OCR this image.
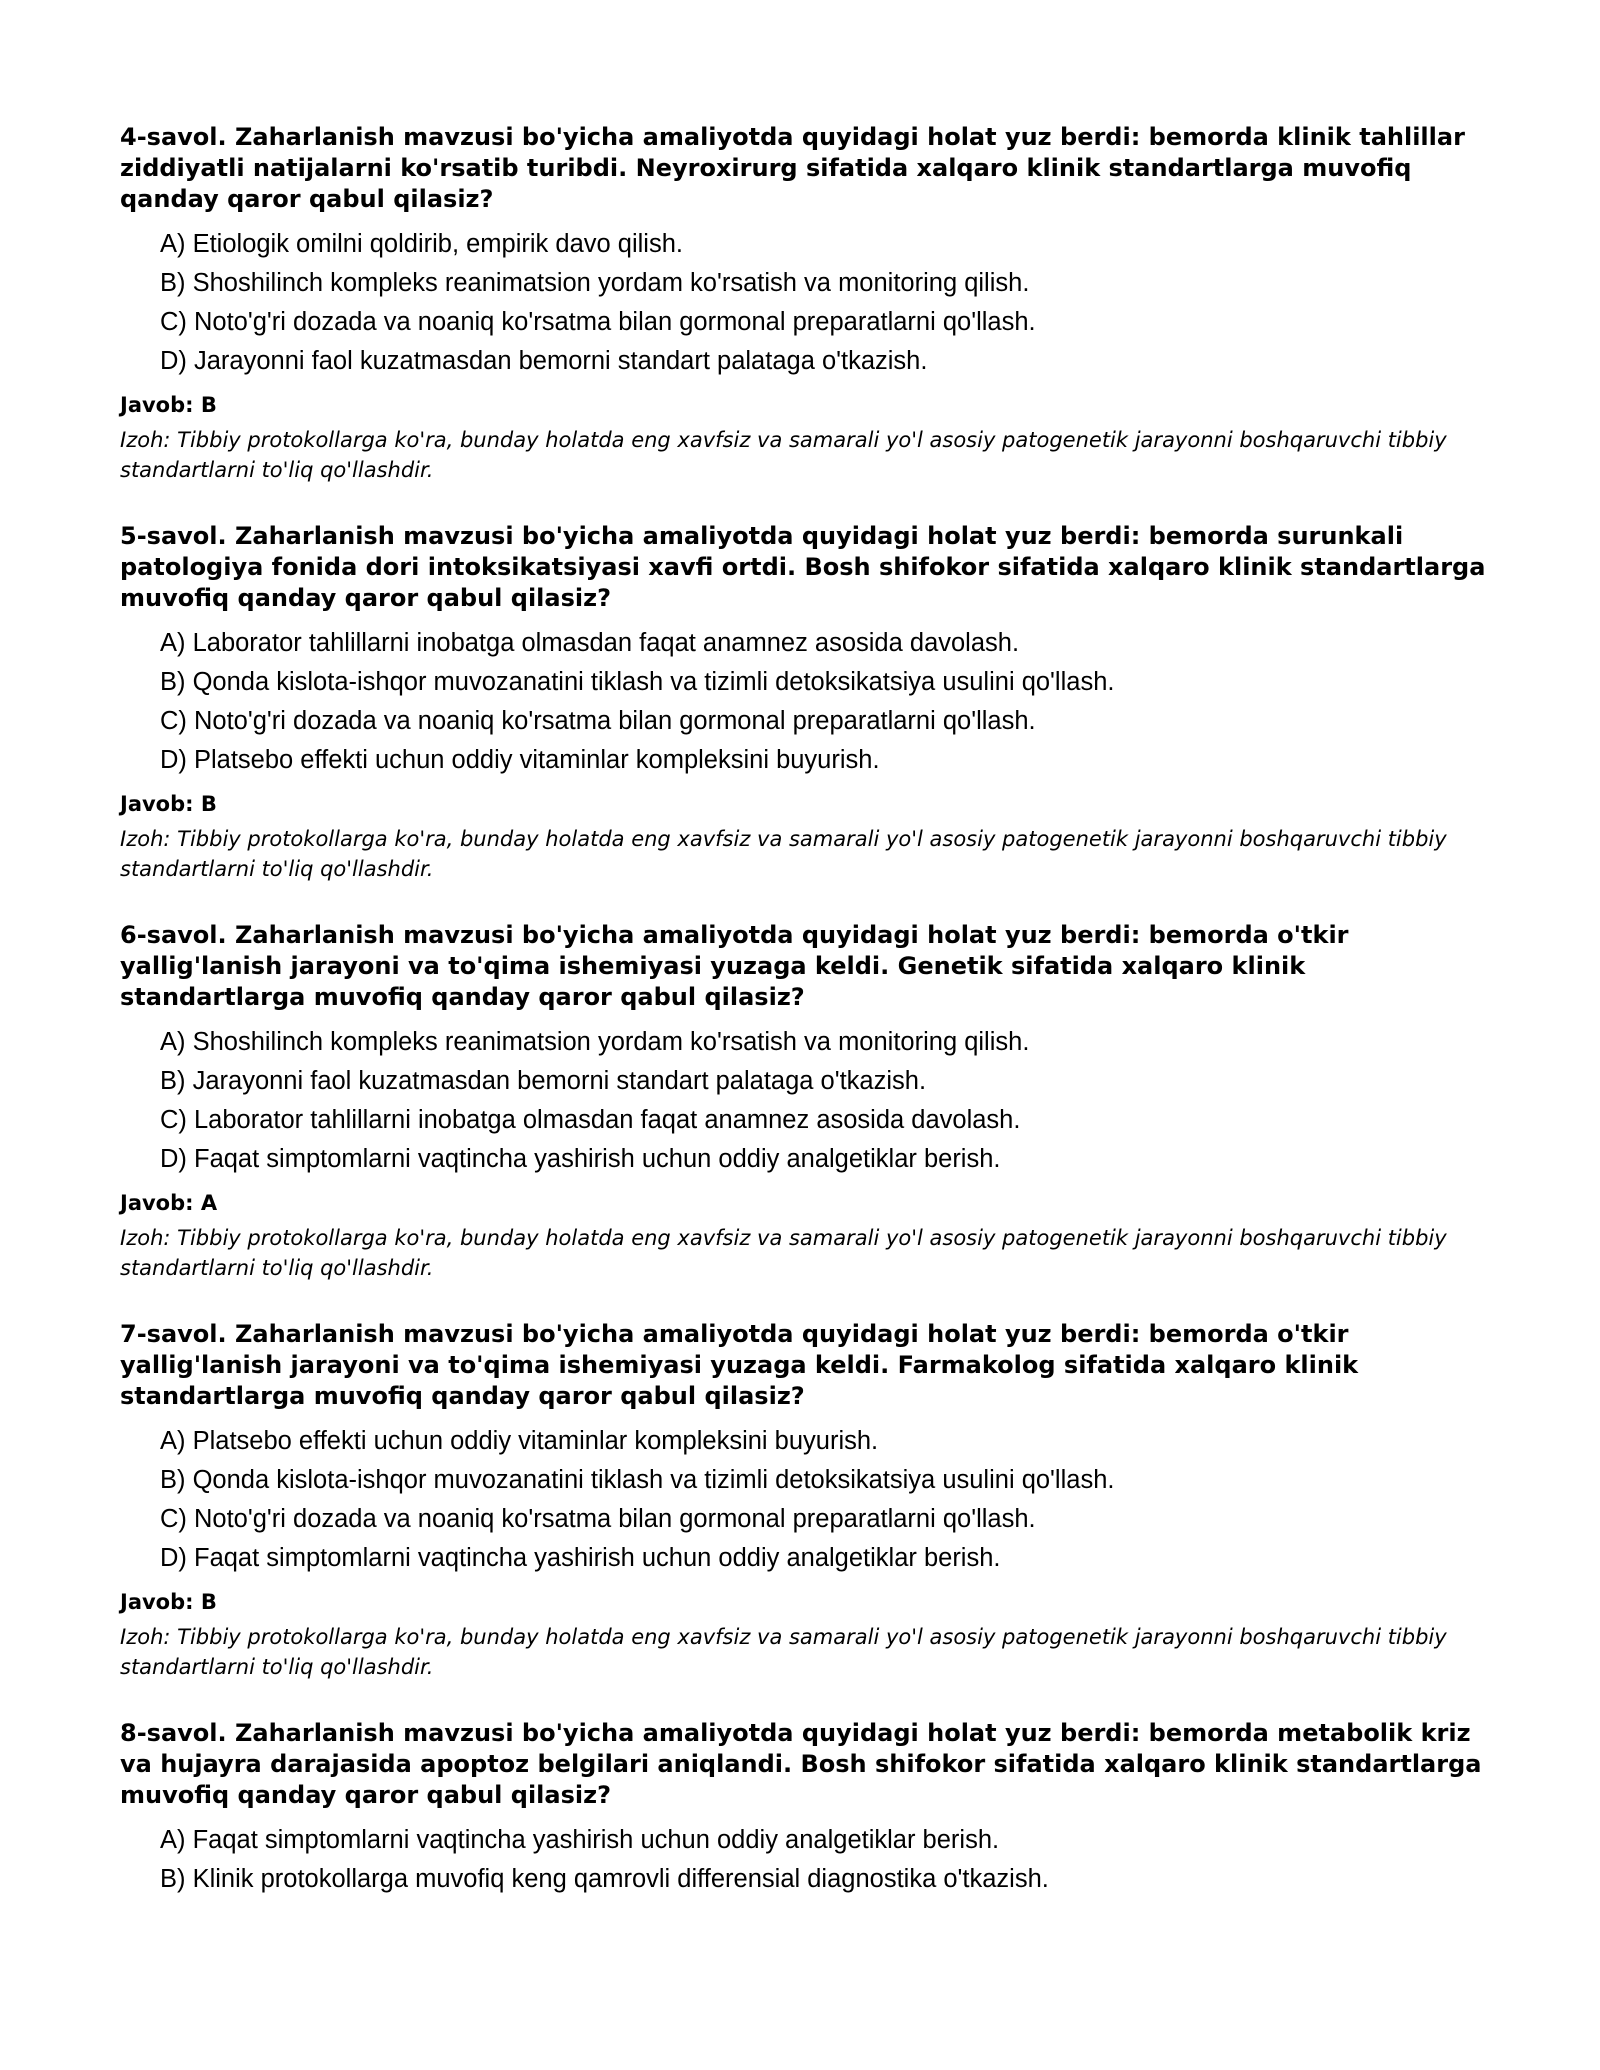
4-savol. Zaharlanish mavzusi bo'yicha amaliyotda quyidagi holat yuz berdi: bemorda klinik tahlillar ziddiyatli natijalarni ko'rsatib turibdi. Neyroxirurg sifatida xalqaro klinik standartlarga muvofiq qanday qaror qabul qilasiz?

A) Etiologik omilni qoldirib, empirik davo qilish.
B) Shoshilinch kompleks reanimatsion yordam ko'rsatish va monitoring qilish.
C) Noto'g'ri dozada va noaniq ko'rsatma bilan gormonal preparatlarni qo'llash.
D) Jarayonni faol kuzatmasdan bemorni standart palataga o'tkazish.

Javob: B

Izoh: Tibbiy protokollarga ko'ra, bunday holatda eng xavfsiz va samarali yo'l asosiy patogenetik jarayonni boshqaruvchi tibbiy standartlarni to'liq qo'llashdir.

5-savol. Zaharlanish mavzusi bo'yicha amaliyotda quyidagi holat yuz berdi: bemorda surunkali patologiya fonida dori intoksikatsiyasi xavfi ortdi. Bosh shifokor sifatida xalqaro klinik standartlarga muvofiq qanday qaror qabul qilasiz?

A) Laborator tahlillarni inobatga olmasdan faqat anamnez asosida davolash.
B) Qonda kislota-ishqor muvozanatini tiklash va tizimli detoksikatsiya usulini qo'llash.
C) Noto'g'ri dozada va noaniq ko'rsatma bilan gormonal preparatlarni qo'llash.
D) Platsebo effekti uchun oddiy vitaminlar kompleksini buyurish.

Javob: B

Izoh: Tibbiy protokollarga ko'ra, bunday holatda eng xavfsiz va samarali yo'l asosiy patogenetik jarayonni boshqaruvchi tibbiy standartlarni to'liq qo'llashdir.

6-savol. Zaharlanish mavzusi bo'yicha amaliyotda quyidagi holat yuz berdi: bemorda o'tkir yallig'lanish jarayoni va to'qima ishemiyasi yuzaga keldi. Genetik sifatida xalqaro klinik standartlarga muvofiq qanday qaror qabul qilasiz?

A) Shoshilinch kompleks reanimatsion yordam ko'rsatish va monitoring qilish.
B) Jarayonni faol kuzatmasdan bemorni standart palataga o'tkazish.
C) Laborator tahlillarni inobatga olmasdan faqat anamnez asosida davolash.
D) Faqat simptomlarni vaqtincha yashirish uchun oddiy analgetiklar berish.

Javob: A

Izoh: Tibbiy protokollarga ko'ra, bunday holatda eng xavfsiz va samarali yo'l asosiy patogenetik jarayonni boshqaruvchi tibbiy standartlarni to'liq qo'llashdir.

7-savol. Zaharlanish mavzusi bo'yicha amaliyotda quyidagi holat yuz berdi: bemorda o'tkir yallig'lanish jarayoni va to'qima ishemiyasi yuzaga keldi. Farmakolog sifatida xalqaro klinik standartlarga muvofiq qanday qaror qabul qilasiz?

A) Platsebo effekti uchun oddiy vitaminlar kompleksini buyurish.
B) Qonda kislota-ishqor muvozanatini tiklash va tizimli detoksikatsiya usulini qo'llash.
C) Noto'g'ri dozada va noaniq ko'rsatma bilan gormonal preparatlarni qo'llash.
D) Faqat simptomlarni vaqtincha yashirish uchun oddiy analgetiklar berish.

Javob: B

Izoh: Tibbiy protokollarga ko'ra, bunday holatda eng xavfsiz va samarali yo'l asosiy patogenetik jarayonni boshqaruvchi tibbiy standartlarni to'liq qo'llashdir.

8-savol. Zaharlanish mavzusi bo'yicha amaliyotda quyidagi holat yuz berdi: bemorda metabolik kriz va hujayra darajasida apoptoz belgilari aniqlandi. Bosh shifokor sifatida xalqaro klinik standartlarga muvofiq qanday qaror qabul qilasiz?

A) Faqat simptomlarni vaqtincha yashirish uchun oddiy analgetiklar berish.
B) Klinik protokollarga muvofiq keng qamrovli differensial diagnostika o'tkazish.
